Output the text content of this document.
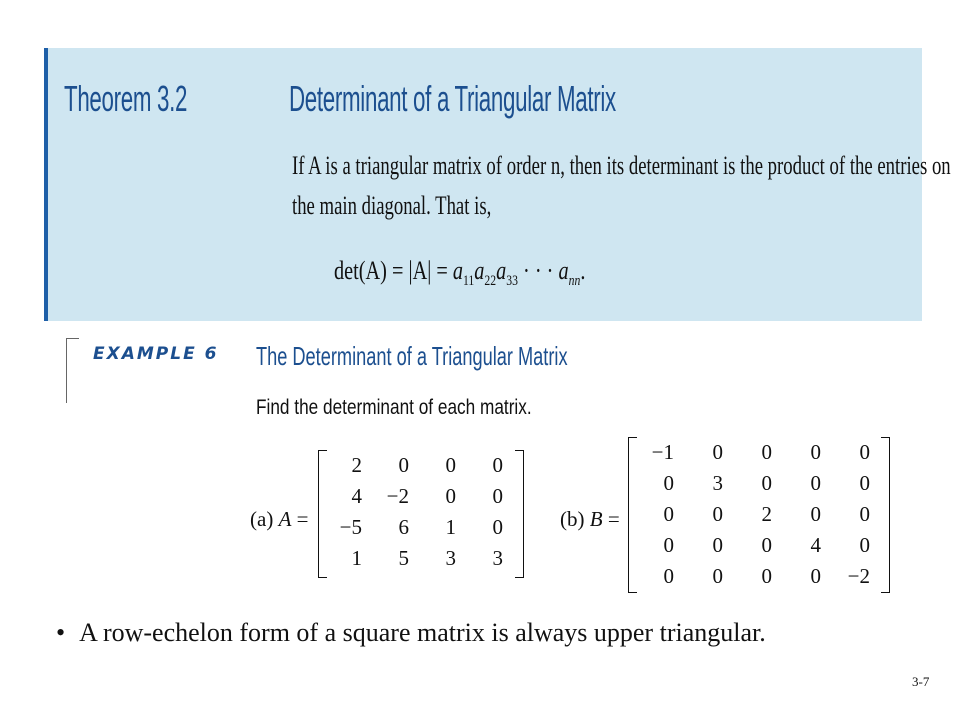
Theorem 3.2	Determinant of a Triangular Matrix

If A is a triangular matrix of order n, then its determinant is the product of the entries on

the main diagonal. That is,

$\det(A) = |A| = a_{11}a_{22}a_{33}$ · · · $a_{nn}$.
EXAMPLE 6 The Determinant of a Triangular Matrix
Find the determinant of each matrix.
(a) A =
2	0	0	0
4	−2	0	0
−5	6	1	0
1	5	3	3
(b) B =
−1	0	0	0	0
0	3	0	0	0
0	0	2	0	0
0	0	0	4	0
0	0	0	0	−2
• A row-echelon form of a square matrix is always upper triangular.
3-7
